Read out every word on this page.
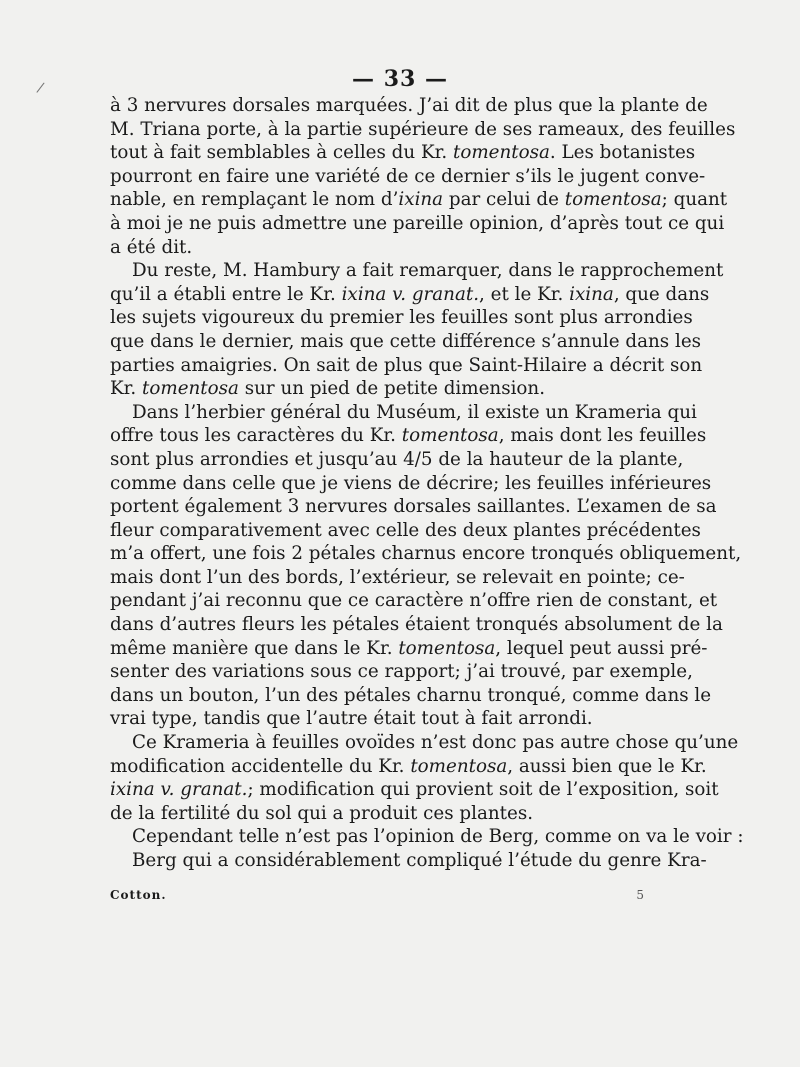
/	— 33 —
à 3 nervures dorsales marquées. J’ai dit de plus que la plante de
M. Triana porte, à la partie supérieure de ses rameaux, des feuilles
tout à fait semblables à celles du Kr. tomentosa. Les botanistes
pourront en faire une variété de ce dernier s’ils le jugent conve-
nable, en remplaçant le nom d’ixina par celui de tomentosa; quant
à moi je ne puis admettre une pareille opinion, d’après tout ce qui
a été dit.
Du reste, M. Hambury a fait remarquer, dans le rapprochement
qu’il a établi entre le Kr. ixina v. granat., et le Kr. ixina, que dans
les sujets vigoureux du premier les feuilles sont plus arrondies
que dans le dernier, mais que cette différence s’annule dans les
parties amaigries. On sait de plus que Saint-Hilaire a décrit son
Kr. tomentosa sur un pied de petite dimension.
Dans l’herbier général du Muséum, il existe un Krameria qui
offre tous les caractères du Kr. tomentosa, mais dont les feuilles
sont plus arrondies et jusqu’au 4/5 de la hauteur de la plante,
comme dans celle que je viens de décrire; les feuilles inférieures
portent également 3 nervures dorsales saillantes. L’examen de sa
fleur comparativement avec celle des deux plantes précédentes
m’a offert, une fois 2 pétales charnus encore tronqués obliquement,
mais dont l’un des bords, l’extérieur, se relevait en pointe; ce-
pendant j’ai reconnu que ce caractère n’offre rien de constant, et
dans d’autres fleurs les pétales étaient tronqués absolument de la
même manière que dans le Kr. tomentosa, lequel peut aussi pré-
senter des variations sous ce rapport; j’ai trouvé, par exemple,
dans un bouton, l’un des pétales charnu tronqué, comme dans le
vrai type, tandis que l’autre était tout à fait arrondi.
Ce Krameria à feuilles ovoïdes n’est donc pas autre chose qu’une
modification accidentelle du Kr. tomentosa, aussi bien que le Kr.
ixina v. granat.; modification qui provient soit de l’exposition, soit
de la fertilité du sol qui a produit ces plantes.
Cependant telle n’est pas l’opinion de Berg, comme on va le voir :
Berg qui a considérablement compliqué l’étude du genre Kra-
Cotton.	5
